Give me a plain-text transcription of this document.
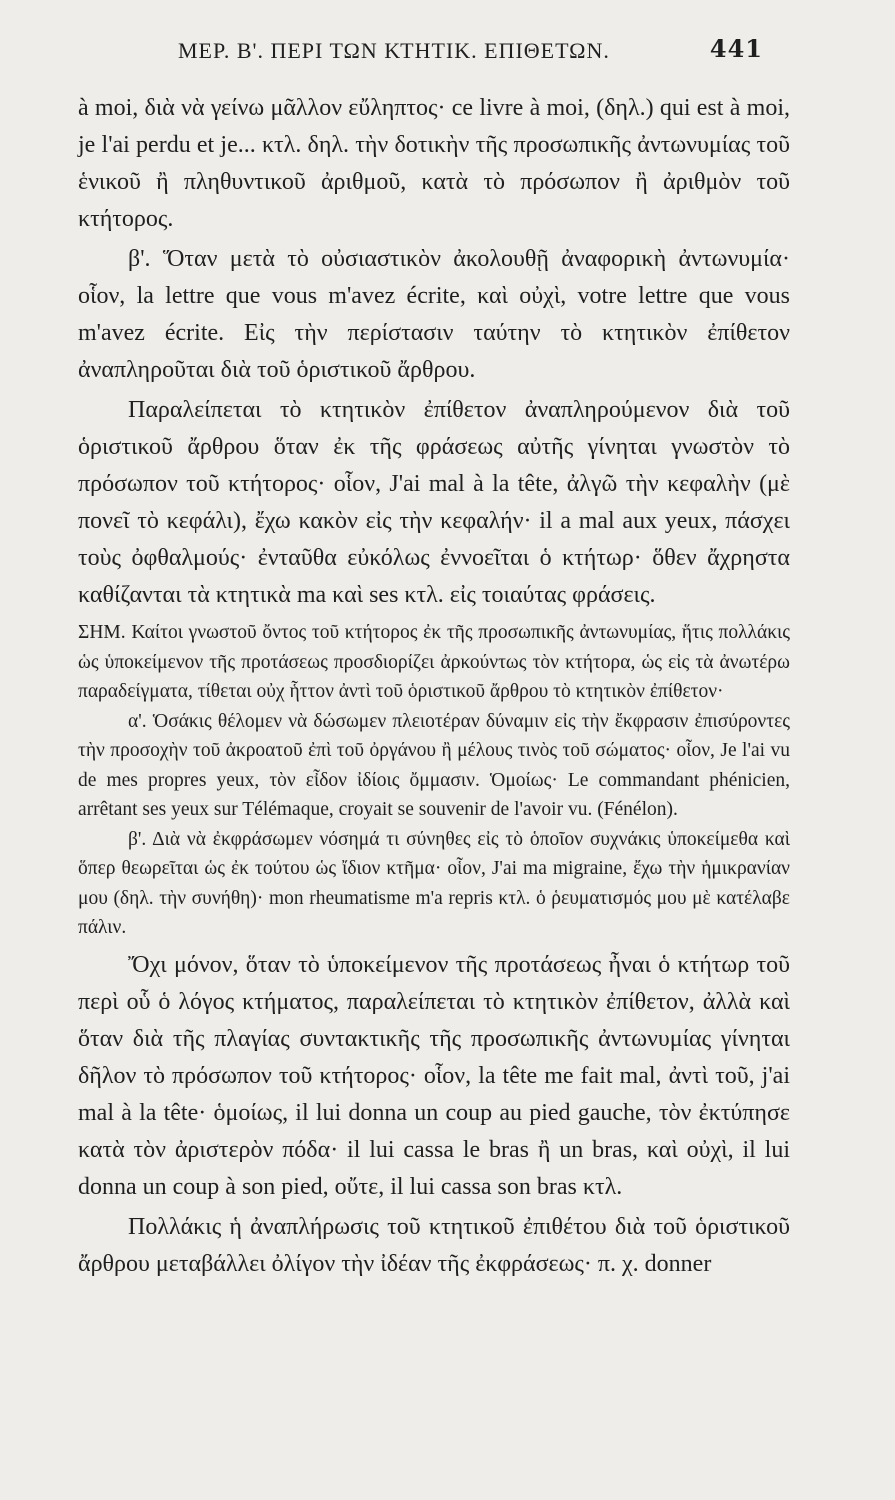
ΜΕΡ. Β'. ΠΕΡΙ ΤΩΝ ΚΤΗΤΙΚ. ΕΠΙΘΕΤΩΝ.	441

à moi, διὰ νὰ γείνω μᾶλλον εὔληπτος· ce livre à moi, (δηλ.) qui est à moi, je l'ai perdu et je... κτλ. δηλ. τὴν δοτικὴν τῆς προσωπικῆς ἀντωνυμίας τοῦ ἑνικοῦ ἢ πληθυντικοῦ ἀριθμοῦ, κατὰ τὸ πρόσωπον ἢ ἀριθμὸν τοῦ κτήτορος.

β'. Ὅταν μετὰ τὸ οὐσιαστικὸν ἀκολουθῇ ἀναφορικὴ ἀντωνυμία· οἷον, la lettre que vous m'avez écrite, καὶ οὐχὶ, votre lettre que vous m'avez écrite. Εἰς τὴν περίστασιν ταύτην τὸ κτητικὸν ἐπίθετον ἀναπληροῦται διὰ τοῦ ὁριστικοῦ ἄρθρου.

Παραλείπεται τὸ κτητικὸν ἐπίθετον ἀναπληρούμενον διὰ τοῦ ὁριστικοῦ ἄρθρου ὅταν ἐκ τῆς φράσεως αὐτῆς γίνηται γνωστὸν τὸ πρόσωπον τοῦ κτήτορος· οἷον, J'ai mal à la tête, ἀλγῶ τὴν κεφαλὴν (μὲ πονεῖ τὸ κεφάλι), ἔχω κακὸν εἰς τὴν κεφαλήν· il a mal aux yeux, πάσχει τοὺς ὀφθαλμούς· ἐνταῦθα εὐκόλως ἐννοεῖται ὁ κτήτωρ· ὅθεν ἄχρηστα καθίζανται τὰ κτητικὰ ma καὶ ses κτλ. εἰς τοιαύτας φράσεις.

ΣΗΜ. Καίτοι γνωστοῦ ὄντος τοῦ κτήτορος ἐκ τῆς προσωπικῆς ἀντωνυμίας, ἥτις πολλάκις ὡς ὑποκείμενον τῆς προτάσεως προσδιορίζει ἀρκούντως τὸν κτήτορα, ὡς εἰς τὰ ἀνωτέρω παραδείγματα, τίθεται οὐχ ἧττον ἀντὶ τοῦ ὁριστικοῦ ἄρθρου τὸ κτητικὸν ἐπίθετον·

α'. Ὁσάκις θέλομεν νὰ δώσωμεν πλειοτέραν δύναμιν εἰς τὴν ἔκφρασιν ἐπισύροντες τὴν προσοχὴν τοῦ ἀκροατοῦ ἐπὶ τοῦ ὀργάνου ἢ μέλους τινὸς τοῦ σώματος· οἷον, Je l'ai vu de mes propres yeux, τὸν εἶδον ἰδίοις ὄμμασιν. Ὁμοίως· Le commandant phénicien, arrêtant ses yeux sur Télémaque, croyait se souvenir de l'avoir vu. (Fénélon).

β'. Διὰ νὰ ἐκφράσωμεν νόσημά τι σύνηθες εἰς τὸ ὁποῖον συχνάκις ὑποκείμεθα καὶ ὅπερ θεωρεῖται ὡς ἐκ τούτου ὡς ἴδιον κτῆμα· οἷον, J'ai ma migraine, ἔχω τὴν ἡμικρανίαν μου (δηλ. τὴν συνήθη)· mon rheumatisme m'a repris κτλ. ὁ ῥευματισμός μου μὲ κατέλαβε πάλιν.

Ὄχι μόνον, ὅταν τὸ ὑποκείμενον τῆς προτάσεως ἦναι ὁ κτήτωρ τοῦ περὶ οὗ ὁ λόγος κτήματος, παραλείπεται τὸ κτητικὸν ἐπίθετον, ἀλλὰ καὶ ὅταν διὰ τῆς πλαγίας συντακτικῆς τῆς προσωπικῆς ἀντωνυμίας γίνηται δῆλον τὸ πρόσωπον τοῦ κτήτορος· οἷον, la tête me fait mal, ἀντὶ τοῦ, j'ai mal à la tête· ὁμοίως, il lui donna un coup au pied gauche, τὸν ἐκτύπησε κατὰ τὸν ἀριστερὸν πόδα· il lui cassa le bras ἢ un bras, καὶ οὐχὶ, il lui donna un coup à son pied, οὔτε, il lui cassa son bras κτλ.

Πολλάκις ἡ ἀναπλήρωσις τοῦ κτητικοῦ ἐπιθέτου διὰ τοῦ ὁριστικοῦ ἄρθρου μεταβάλλει ὀλίγον τὴν ἰδέαν τῆς ἐκφράσεως· π. χ. donner
